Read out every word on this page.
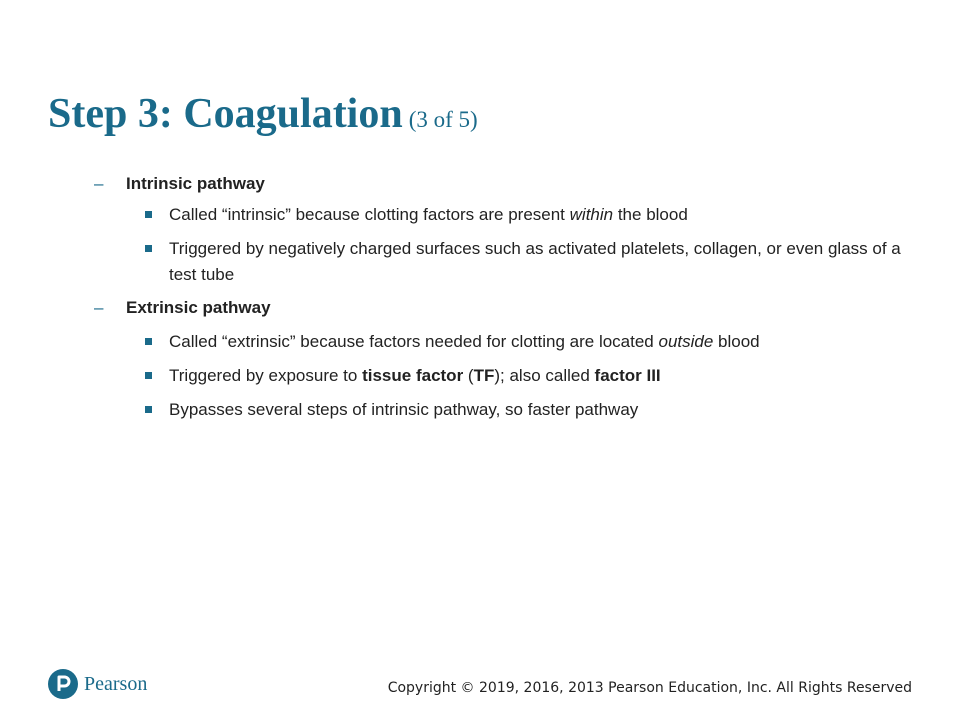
Step 3: Coagulation (3 of 5)
– Intrinsic pathway
Called “intrinsic” because clotting factors are present within the blood
Triggered by negatively charged surfaces such as activated platelets, collagen, or even glass of a test tube
– Extrinsic pathway
Called “extrinsic” because factors needed for clotting are located outside blood
Triggered by exposure to tissue factor (TF); also called factor III
Bypasses several steps of intrinsic pathway, so faster pathway
Pearson	Copyright © 2019, 2016, 2013 Pearson Education, Inc. All Rights Reserved
